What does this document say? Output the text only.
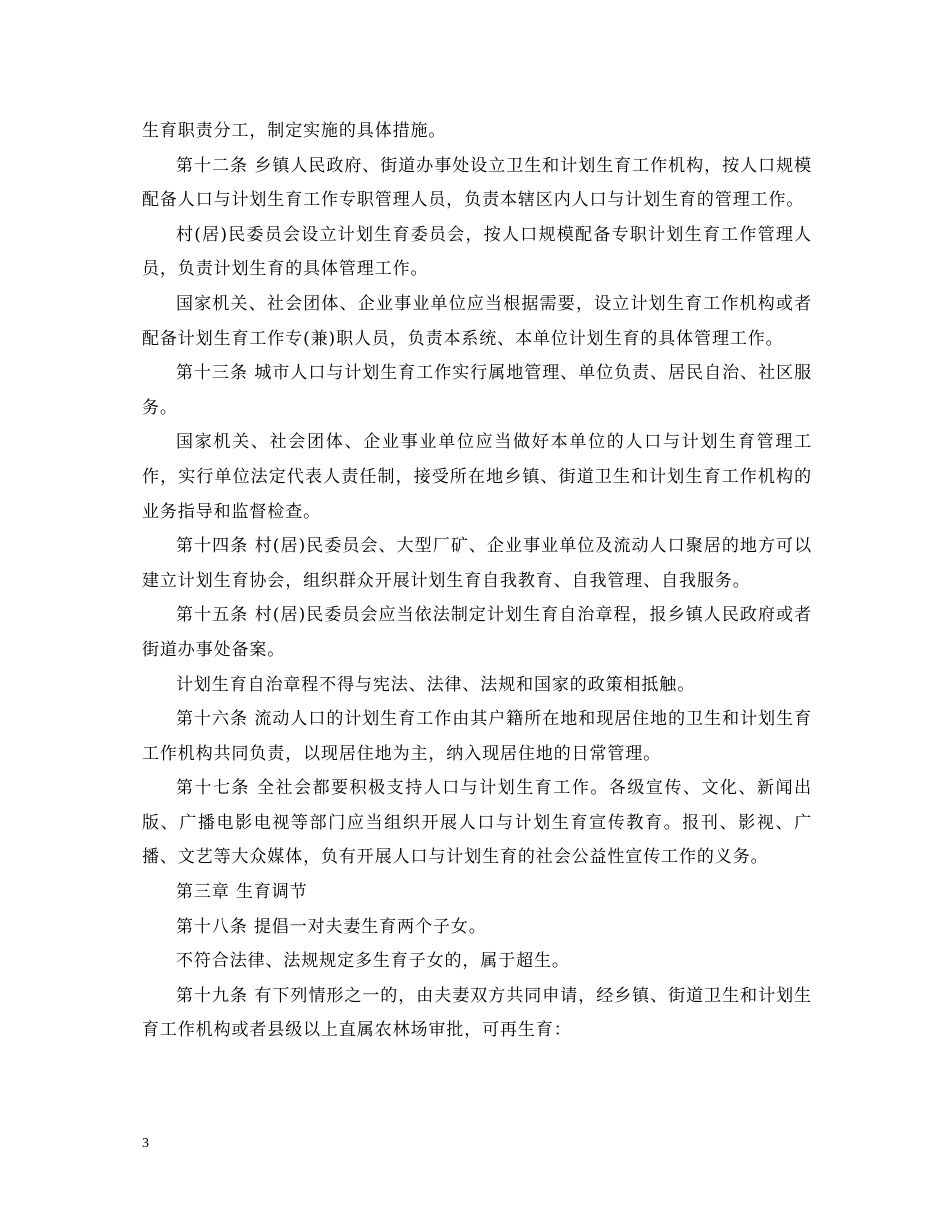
生育职责分工，制定实施的具体措施。

第十二条 乡镇人民政府、街道办事处设立卫生和计划生育工作机构，按人口规模配备人口与计划生育工作专职管理人员，负责本辖区内人口与计划生育的管理工作。

村(居)民委员会设立计划生育委员会，按人口规模配备专职计划生育工作管理人员，负责计划生育的具体管理工作。

国家机关、社会团体、企业事业单位应当根据需要，设立计划生育工作机构或者配备计划生育工作专(兼)职人员，负责本系统、本单位计划生育的具体管理工作。

第十三条 城市人口与计划生育工作实行属地管理、单位负责、居民自治、社区服务。

国家机关、社会团体、企业事业单位应当做好本单位的人口与计划生育管理工作，实行单位法定代表人责任制，接受所在地乡镇、街道卫生和计划生育工作机构的业务指导和监督检查。

第十四条 村(居)民委员会、大型厂矿、企业事业单位及流动人口聚居的地方可以建立计划生育协会，组织群众开展计划生育自我教育、自我管理、自我服务。

第十五条 村(居)民委员会应当依法制定计划生育自治章程，报乡镇人民政府或者街道办事处备案。

计划生育自治章程不得与宪法、法律、法规和国家的政策相抵触。

第十六条 流动人口的计划生育工作由其户籍所在地和现居住地的卫生和计划生育工作机构共同负责，以现居住地为主，纳入现居住地的日常管理。

第十七条 全社会都要积极支持人口与计划生育工作。各级宣传、文化、新闻出版、广播电影电视等部门应当组织开展人口与计划生育宣传教育。报刊、影视、广播、文艺等大众媒体，负有开展人口与计划生育的社会公益性宣传工作的义务。

第三章 生育调节

第十八条 提倡一对夫妻生育两个子女。

不符合法律、法规规定多生育子女的，属于超生。

第十九条 有下列情形之一的，由夫妻双方共同申请，经乡镇、街道卫生和计划生育工作机构或者县级以上直属农林场审批，可再生育：

3
